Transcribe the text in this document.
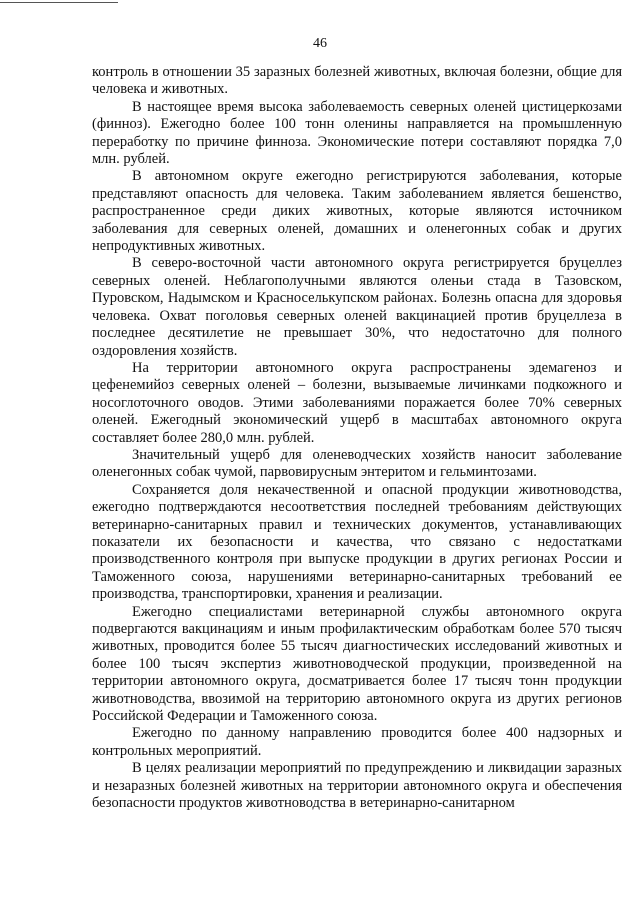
46

контроль в отношении 35 заразных болезней животных, включая болезни, общие для человека и животных.

В настоящее время высока заболеваемость северных оленей цистицеркозами (финноз). Ежегодно более 100 тонн оленины направляется на промышленную переработку по причине финноза. Экономические потери составляют порядка 7,0 млн. рублей.

В автономном округе ежегодно регистрируются заболевания, которые представляют опасность для человека. Таким заболеванием является бешенство, распространенное среди диких животных, которые являются источником заболевания для северных оленей, домашних и оленегонных собак и других непродуктивных животных.

В северо-восточной части автономного округа регистрируется бруцеллез северных оленей. Неблагополучными являются оленьи стада в Тазовском, Пуровском, Надымском и Красноселькупском районах. Болезнь опасна для здоровья человека. Охват поголовья северных оленей вакцинацией против бруцеллеза в последнее десятилетие не превышает 30%, что недостаточно для полного оздоровления хозяйств.

На территории автономного округа распространены эдемагеноз и цефенемийоз северных оленей – болезни, вызываемые личинками подкожного и носоглоточного оводов. Этими заболеваниями поражается более 70% северных оленей. Ежегодный экономический ущерб в масштабах автономного округа составляет более 280,0 млн. рублей.

Значительный ущерб для оленеводческих хозяйств наносит заболевание оленегонных собак чумой, парвовирусным энтеритом и гельминтозами.

Сохраняется доля некачественной и опасной продукции животноводства, ежегодно подтверждаются несоответствия последней требованиям действующих ветеринарно-санитарных правил и технических документов, устанавливающих показатели их безопасности и качества, что связано с недостатками производственного контроля при выпуске продукции в других регионах России и Таможенного союза, нарушениями ветеринарно-санитарных требований ее производства, транспортировки, хранения и реализации.

Ежегодно специалистами ветеринарной службы автономного округа подвергаются вакцинациям и иным профилактическим обработкам более 570 тысяч животных, проводится более 55 тысяч диагностических исследований животных и более 100 тысяч экспертиз животноводческой продукции, произведенной на территории автономного округа, досматривается более 17 тысяч тонн продукции животноводства, ввозимой на территорию автономного округа из других регионов Российской Федерации и Таможенного союза.

Ежегодно по данному направлению проводится более 400 надзорных и контрольных мероприятий.

В целях реализации мероприятий по предупреждению и ликвидации заразных и незаразных болезней животных на территории автономного округа и обеспечения безопасности продуктов животноводства в ветеринарно-санитарном
